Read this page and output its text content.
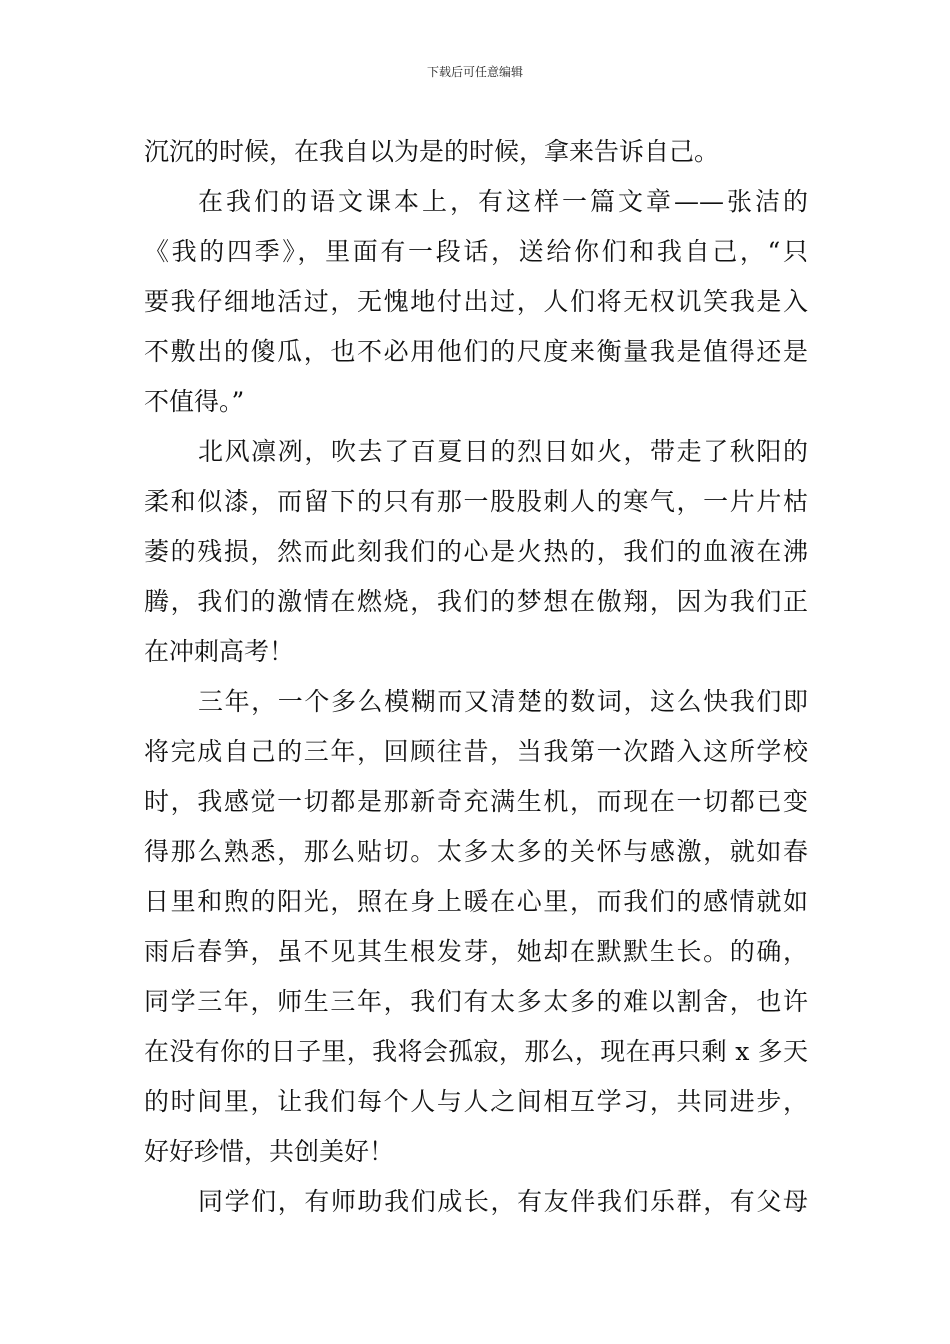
下载后可任意编辑
沉沉的时候，在我自以为是的时候，拿来告诉自己。
在我们的语文课本上，有这样一篇文章——张洁的
《我的四季》，里面有一段话，送给你们和我自己，“只
要我仔细地活过，无愧地付出过，人们将无权讥笑我是入
不敷出的傻瓜，也不必用他们的尺度来衡量我是值得还是
不值得。”
北风凛冽，吹去了百夏日的烈日如火，带走了秋阳的
柔和似漆，而留下的只有那一股股刺人的寒气，一片片枯
萎的残损，然而此刻我们的心是火热的，我们的血液在沸
腾，我们的激情在燃烧，我们的梦想在傲翔，因为我们正
在冲刺高考！
三年，一个多么模糊而又清楚的数词，这么快我们即
将完成自己的三年，回顾往昔，当我第一次踏入这所学校
时，我感觉一切都是那新奇充满生机，而现在一切都已变
得那么熟悉，那么贴切。太多太多的关怀与感激，就如春
日里和煦的阳光，照在身上暖在心里，而我们的感情就如
雨后春笋，虽不见其生根发芽，她却在默默生长。的确，
同学三年，师生三年，我们有太多太多的难以割舍，也许
在没有你的日子里，我将会孤寂，那么，现在再只剩 x 多天
的时间里，让我们每个人与人之间相互学习，共同进步，
好好珍惜，共创美好！
同学们，有师助我们成长，有友伴我们乐群，有父母
